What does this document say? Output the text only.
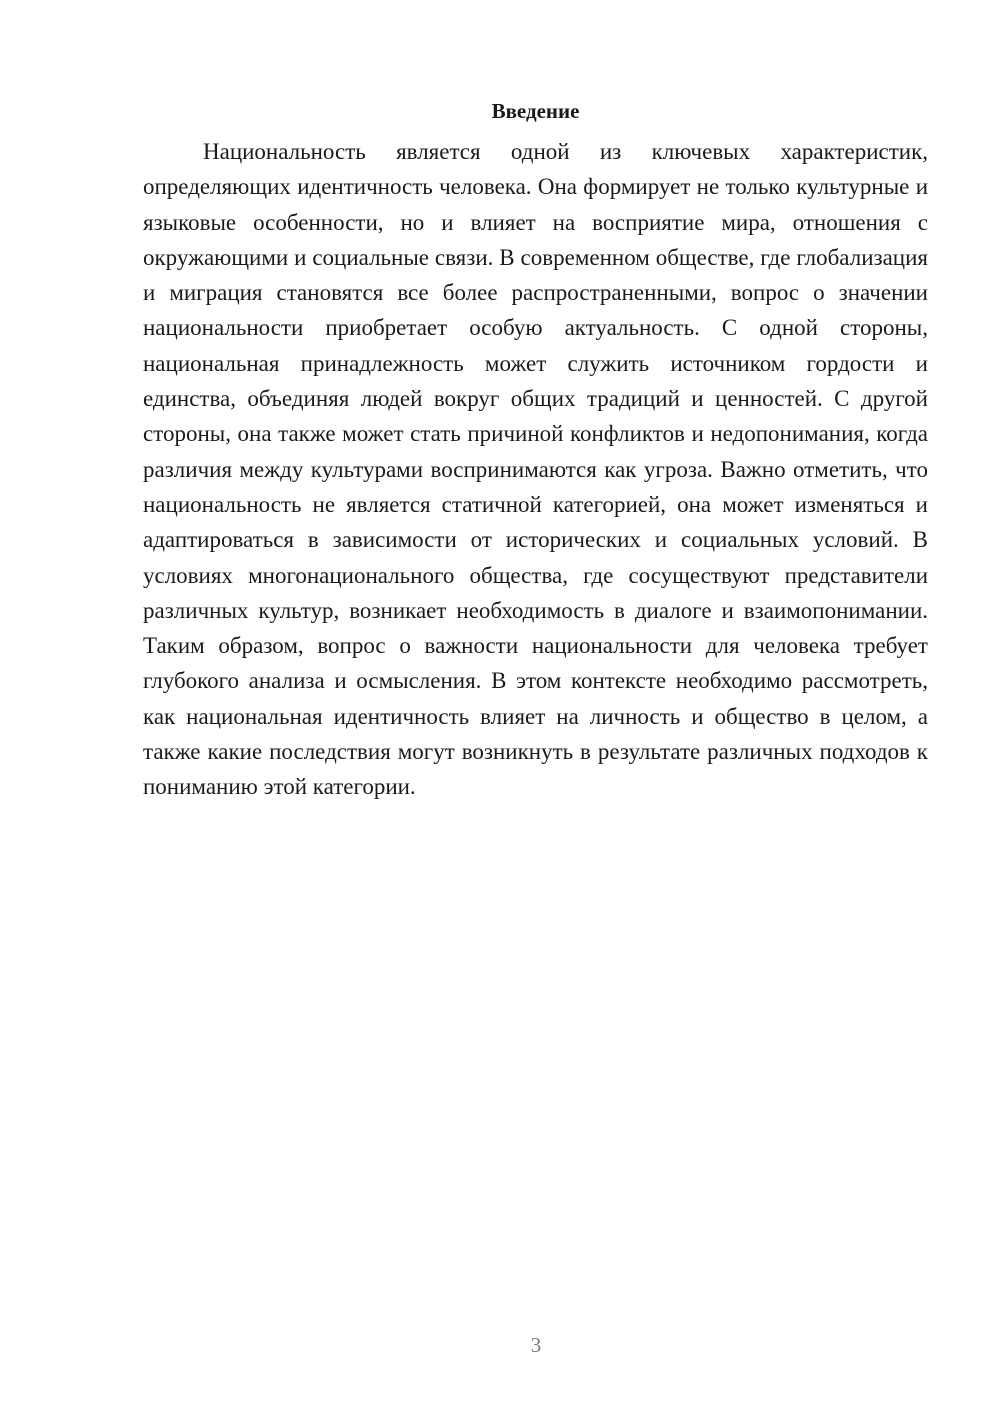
Введение

Национальность является одной из ключевых характеристик, определяющих идентичность человека. Она формирует не только культурные и языковые особенности, но и влияет на восприятие мира, отношения с окружающими и социальные связи. В современном обществе, где глобализация и миграция становятся все более распространенными, вопрос о значении национальности приобретает особую актуальность. С одной стороны, национальная принадлежность может служить источником гордости и единства, объединяя людей вокруг общих традиций и ценностей. С другой стороны, она также может стать причиной конфликтов и недопонимания, когда различия между культурами воспринимаются как угроза. Важно отметить, что национальность не является статичной категорией, она может изменяться и адаптироваться в зависимости от исторических и социальных условий. В условиях многонационального общества, где сосуществуют представители различных культур, возникает необходимость в диалоге и взаимопонимании. Таким образом, вопрос о важности национальности для человека требует глубокого анализа и осмысления. В этом контексте необходимо рассмотреть, как национальная идентичность влияет на личность и общество в целом, а также какие последствия могут возникнуть в результате различных подходов к пониманию этой категории.

3
